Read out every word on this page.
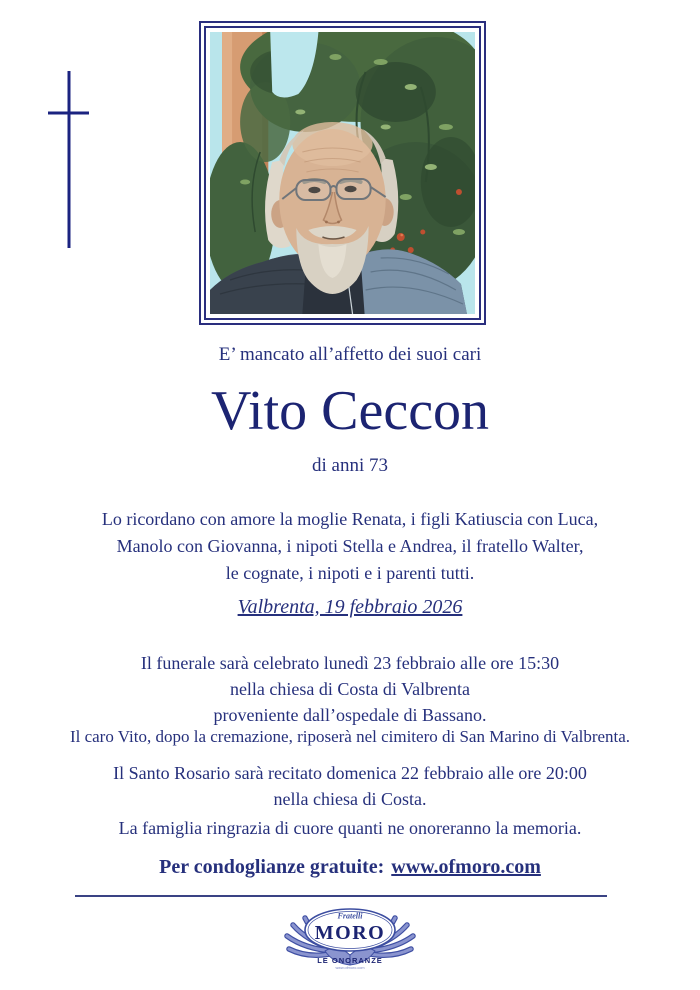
E’ mancato all’affetto dei suoi cari
Vito Ceccon
di anni 73
Lo ricordano con amore la moglie Renata, i figli Katiuscia con Luca,
Manolo con Giovanna, i nipoti Stella e Andrea, il fratello Walter,
le cognate, i nipoti e i parenti tutti.
Valbrenta, 19 febbraio 2026
Il funerale sarà celebrato lunedì 23 febbraio alle ore 15:30
nella chiesa di Costa di Valbrenta
proveniente dall’ospedale di Bassano.
Il caro Vito, dopo la cremazione, riposerà nel cimitero di San Marino di Valbrenta.
Il Santo Rosario sarà recitato domenica 22 febbraio alle ore 20:00
nella chiesa di Costa.
La famiglia ringrazia di cuore quanti ne onoreranno la memoria.
Per condoglianze gratuite: www.ofmoro.com
Fratelli
MORO
LE ONORANZE
www.ofmoro.com
